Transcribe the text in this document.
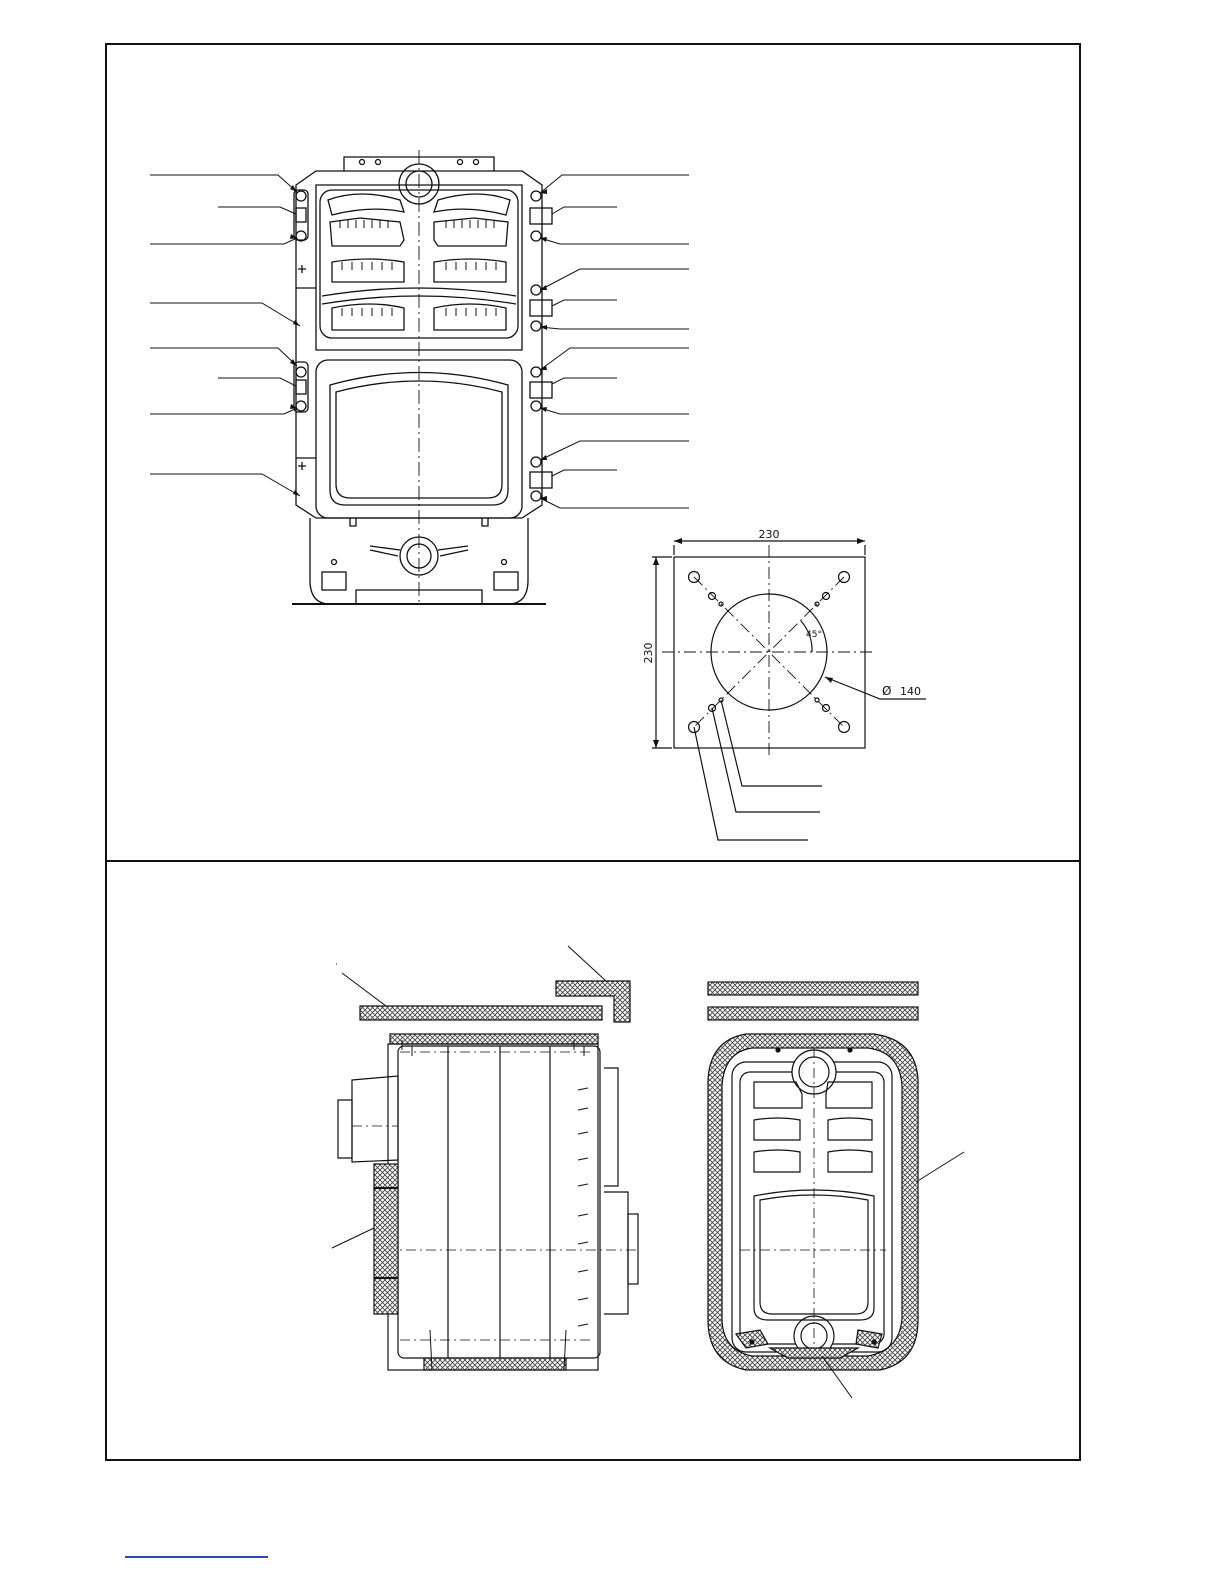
230
230
45°
Ø 140
